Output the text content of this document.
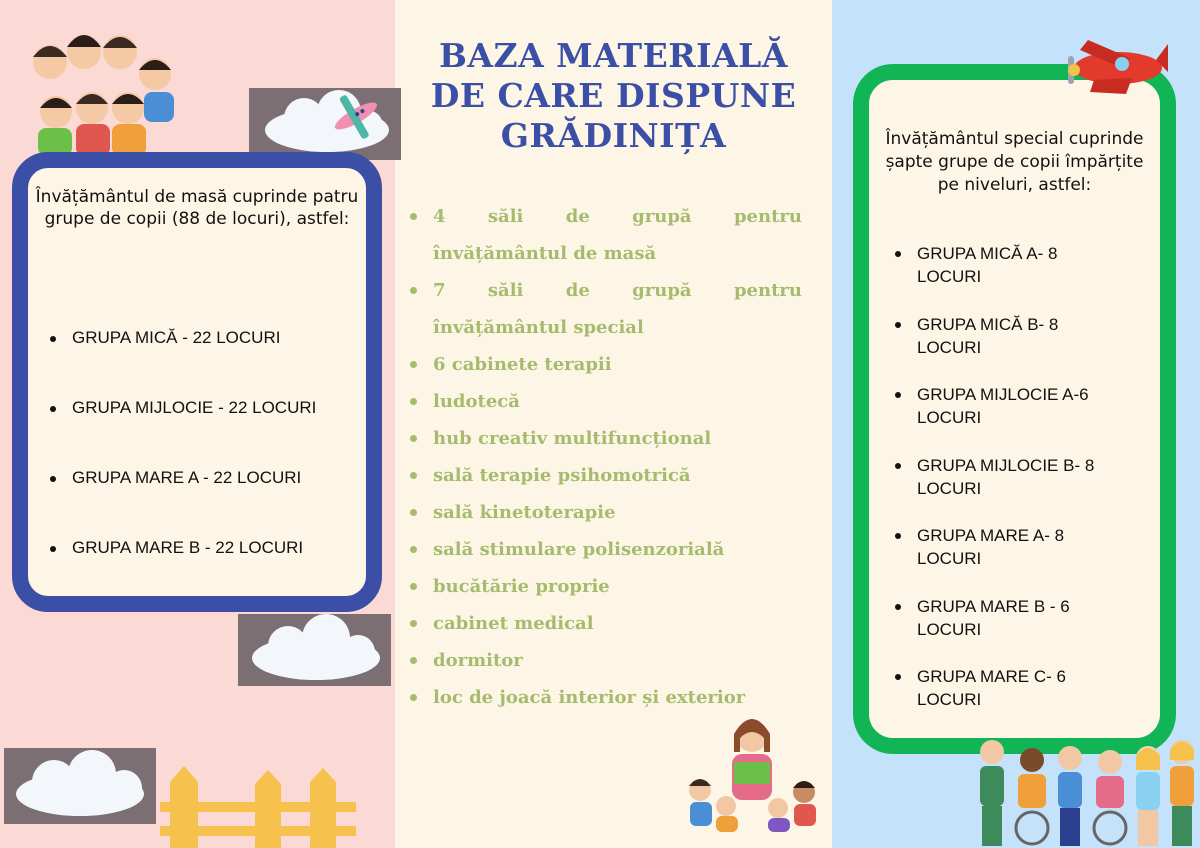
Învățământul de masă cuprinde patru grupe de copii (88 de locuri), astfel:
GRUPA MICĂ - 22 LOCURI
GRUPA MIJLOCIE - 22 LOCURI
GRUPA MARE A - 22 LOCURI
GRUPA MARE B - 22 LOCURI
BAZA MATERIALĂ
DE CARE DISPUNE
GRĂDINIȚA
4 săli de grupă pentru
învățământul de masă
7 săli de grupă pentru
învățământul special
6 cabinete terapii
ludotecă
hub creativ multifuncțional
sală terapie psihomotrică
sală kinetoterapie
sală stimulare polisenzorială
bucătărie proprie
cabinet medical
dormitor
loc de joacă interior și exterior
Învățământul special cuprinde șapte grupe de copii împărțite pe niveluri, astfel:
GRUPA MICĂ A- 8 LOCURI
GRUPA MICĂ B- 8 LOCURI
GRUPA MIJLOCIE A-6 LOCURI
GRUPA MIJLOCIE B- 8 LOCURI
GRUPA MARE A- 8 LOCURI
GRUPA MARE B - 6 LOCURI
GRUPA MARE C- 6 LOCURI
